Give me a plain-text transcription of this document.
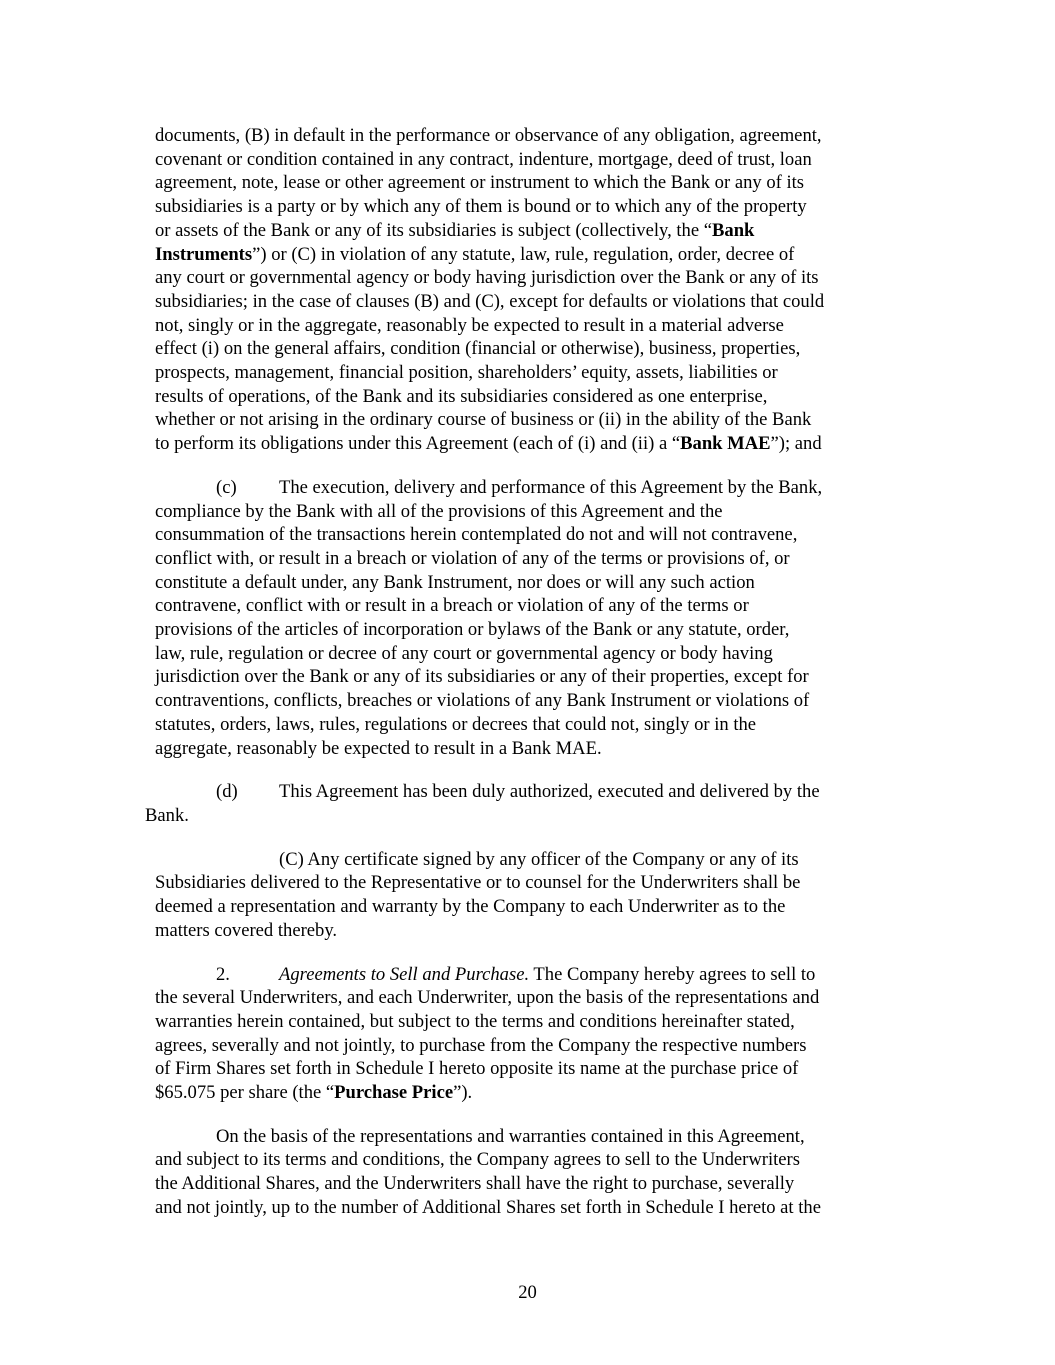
documents, (B) in default in the performance or observance of any obligation, agreement,
covenant or condition contained in any contract, indenture, mortgage, deed of trust, loan
agreement, note, lease or other agreement or instrument to which the Bank or any of its
subsidiaries is a party or by which any of them is bound or to which any of the property
or assets of the Bank or any of its subsidiaries is subject (collectively, the “Bank
Instruments”) or (C) in violation of any statute, law, rule, regulation, order, decree of
any court or governmental agency or body having jurisdiction over the Bank or any of its
subsidiaries; in the case of clauses (B) and (C), except for defaults or violations that could
not, singly or in the aggregate, reasonably be expected to result in a material adverse
effect (i) on the general affairs, condition (financial or otherwise), business, properties,
prospects, management, financial position, shareholders’ equity, assets, liabilities or
results of operations, of the Bank and its subsidiaries considered as one enterprise,
whether or not arising in the ordinary course of business or (ii) in the ability of the Bank
to perform its obligations under this Agreement (each of (i) and (ii) a “Bank MAE”); and

(c) The execution, delivery and performance of this Agreement by the Bank,
compliance by the Bank with all of the provisions of this Agreement and the
consummation of the transactions herein contemplated do not and will not contravene,
conflict with, or result in a breach or violation of any of the terms or provisions of, or
constitute a default under, any Bank Instrument, nor does or will any such action
contravene, conflict with or result in a breach or violation of any of the terms or
provisions of the articles of incorporation or bylaws of the Bank or any statute, order,
law, rule, regulation or decree of any court or governmental agency or body having
jurisdiction over the Bank or any of its subsidiaries or any of their properties, except for
contraventions, conflicts, breaches or violations of any Bank Instrument or violations of
statutes, orders, laws, rules, regulations or decrees that could not, singly or in the
aggregate, reasonably be expected to result in a Bank MAE.

(d) This Agreement has been duly authorized, executed and delivered by the
Bank.

(C) Any certificate signed by any officer of the Company or any of its
Subsidiaries delivered to the Representative or to counsel for the Underwriters shall be
deemed a representation and warranty by the Company to each Underwriter as to the
matters covered thereby.

2.	Agreements to Sell and Purchase. The Company hereby agrees to sell to
the several Underwriters, and each Underwriter, upon the basis of the representations and
warranties herein contained, but subject to the terms and conditions hereinafter stated,
agrees, severally and not jointly, to purchase from the Company the respective numbers
of Firm Shares set forth in Schedule I hereto opposite its name at the purchase price of
$65.075 per share (the “Purchase Price”).

On the basis of the representations and warranties contained in this Agreement,
and subject to its terms and conditions, the Company agrees to sell to the Underwriters
the Additional Shares, and the Underwriters shall have the right to purchase, severally
and not jointly, up to the number of Additional Shares set forth in Schedule I hereto at the

20
